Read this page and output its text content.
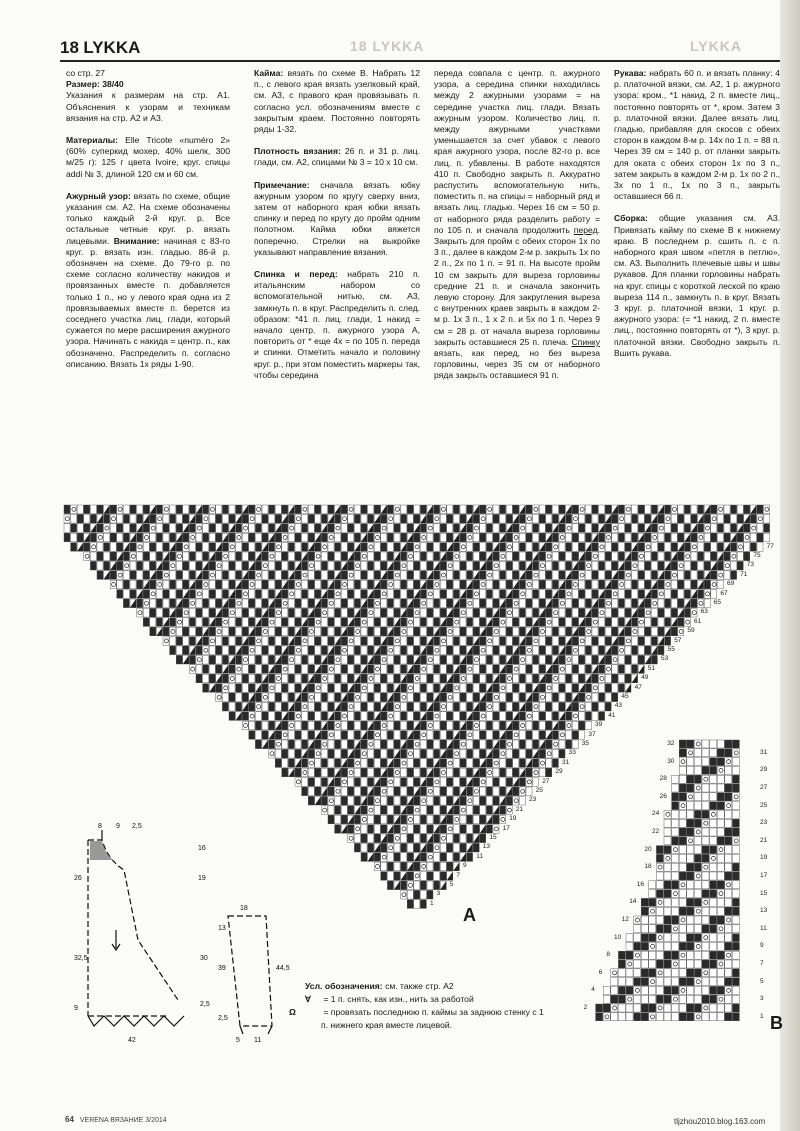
18 LYKKA	LYKKA
18 LYKKA

со стр. 27
Размер: 38/40
Указания к размерам на стр. А1. Объяснения к узорам и техникам вязания на стр. А2 и А3.

Материалы: Elle Tricote «numéro 2» (60% суперкид мохер, 40% шелк, 300 м/25 г): 125 г цвета Ivoire, круг. спицы addi № 3, длиной 120 см и 60 см.

Ажурный узор: вязать по схеме, общие указания см. А2. На схеме обозначены только каждый 2-й круг. р. Все остальные четные круг. р. вязать лицевыми. Внимание: начиная с 83-го круг. р. вязать изн. гладью. 86-й р. обозначен на схеме. До 79-го р. по схеме согласно количеству накидов и провязанных вместе п. добавляется только 1 п., но у левого края одна из 2 провязываемых вместе п. берется из соседнего участка лиц. глади, который сужается по мере расширения ажурного узора. Начинать с накида = центр. п., как обозначено. Распределить п. согласно описанию. Вязать 1х ряды 1-90.

Кайма: вязать по схеме В. Набрать 12 п., с левого края вязать узелковый край, см. А3, с правого края провязывать п. согласно усл. обозначениям вместе с закрытым краем. Постоянно повторять ряды 1-32.

Плотность вязания: 26 п. и 31 р. лиц. глади, см. А2, спицами № 3 = 10 х 10 см.

Примечание: сначала вязать юбку ажурным узором по кругу сверху вниз, затем от наборного края юбки вязать спинку и перед по кругу до пройм одним полотном. Кайма юбки вяжется поперечно. Стрелки на выкройке указывают направление вязания.

Спинка и перед: набрать 210 п. итальянским набором со вспомогательной нитью, см. А3, замкнуть п. в круг. Распределить п. след. образом: *41 п. лиц. глади, 1 накид = начало центр. п. ажурного узора А, повторить от * еще 4х = по 105 п. переда и спинки. Отметить начало и половину круг. р., при этом поместить маркеры так, чтобы середина

переда совпала с центр. п. ажурного узора, а середина спинки находилась между 2 ажурными узорами = на середине участка лиц. глади. Вязать ажурным узором. Количество лиц. п. между ажурными участками уменьшается за счет убавок с левого края ажурного узора, после 82-го р. все лиц. п. убавлены. В работе находятся 410 п. Свободно закрыть п. Аккуратно распустить вспомогательную нить, поместить п. на спицы = наборный ряд и вязать лиц. гладью. Через 16 см = 50 р. от наборного ряда разделить работу = по 105 п. и сначала продолжить перед. Закрыть для пройм с обеих сторон 1х по 3 п., далее в каждом 2-м р. закрыть 1х по 2 п., 2х по 1 п. = 91 п. На высоте пройм 10 см закрыть для выреза горловины средние 21 п. и сначала закончить левую сторону. Для закругления выреза с внутренних краев закрыть в каждом 2-м р. 1х 3 п., 1 х 2 п. и 5х по 1 п. Через 9 см = 28 р. от начала выреза горловины закрыть оставшиеся 25 п. плеча. Спинку вязать, как перед, но без выреза горловины, через 35 см от наборного ряда закрыть оставшиеся 91 п.

Рукава: набрать 60 п. и вязать планку: 4 р. платочной вязки, см. А2, 1 р. ажурного узора: кром., *1 накид, 2 п. вместе лиц., постоянно повторять от *, кром. Затем 3 р. платочной вязки. Далее вязать лиц. гладью, прибавляя для скосов с обеих сторон в каждом 8-м р. 14х по 1 п. = 88 п. Через 39 см = 140 р. от планки закрыть для оката с обеих сторон 1х по 3 п., затем закрыть в каждом 2-м р. 1х по 2 п., 3х по 1 п., 1х по 3 п., закрыть оставшиеся 66 п.

Сборка: общие указания см. А3. Привязать кайму по схеме В к нижнему краю. В последнем р. сшить п. с п. наборного края швом «петля в петлю», см. А3. Выполнить плечевые швы и швы рукавов. Для планки горловины набрать на круг. спицы с короткой леской по краю выреза 114 п., замкнуть п. в круг. Вязать 3 круг. р. платочной вязки, 1 круг. р. ажурного узора: (= *1 накид, 2 п. вместе лиц., постоянно повторять от *), 3 круг. р. платочной вязки. Свободно закрыть п. Вшить рукава.

1
3
5
7
9
11
13
15
17
19
21
23
25
27
29
31
33
35
37
39
41
43
45
47
49
51
53
55
57
59
61
63
65
67
69
71
73
75
77
A
1
3
5
7
9
11
13
15
17
19
21
23
25
27
29
31
2
4
6
8
10
12
14
16
18
20
22
24
26
28
30
32
B
8 9 2,5
26
32,5
9
16
19
30
2,5
42
18
13
39	44,5
2,5
5 11
Усл. обозначения: см. также стр. А2
∀ = 1 п. снять, как изн., нить за работой
Ω	= провязать последнюю п. каймы за заднюю стенку с 1 п. нижнего края вместе лицевой.
64 VERENA ВЯЗАНИЕ 3/2014	tljzhou2010.blog.163.com
